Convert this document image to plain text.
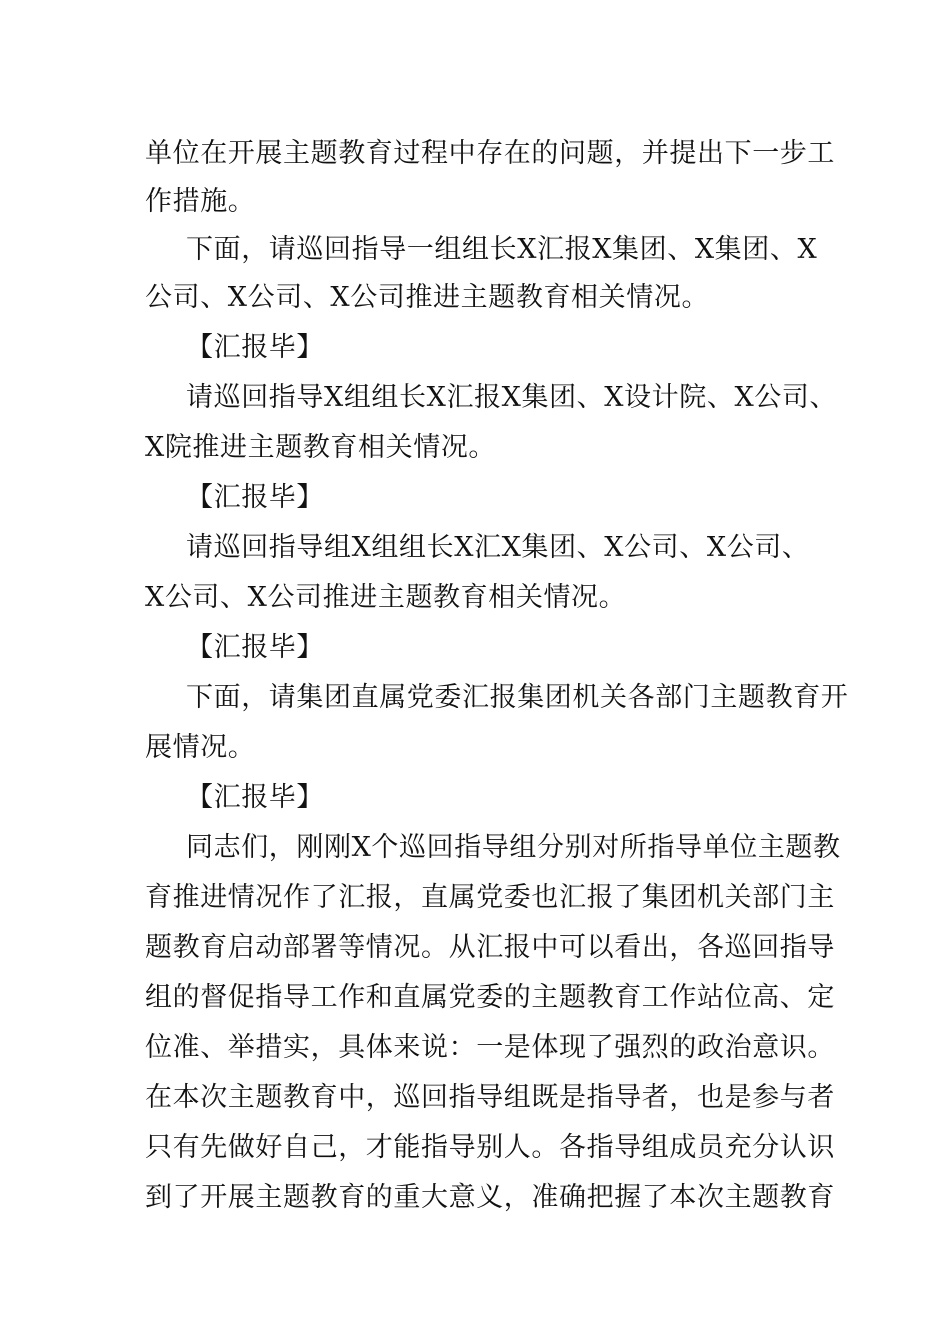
单位在开展主题教育过程中存在的问题，并提出下一步工
作措施。
下面，请巡回指导一组组长X汇报X集团、X集团、X
公司、X公司、X公司推进主题教育相关情况。
【汇报毕】
请巡回指导X组组长X汇报X集团、X设计院、X公司、
X院推进主题教育相关情况。
【汇报毕】
请巡回指导组X组组长X汇X集团、X公司、X公司、
X公司、X公司推进主题教育相关情况。
【汇报毕】
下面，请集团直属党委汇报集团机关各部门主题教育开
展情况。
【汇报毕】
同志们，刚刚X个巡回指导组分别对所指导单位主题教
育推进情况作了汇报，直属党委也汇报了集团机关部门主
题教育启动部署等情况。从汇报中可以看出，各巡回指导
组的督促指导工作和直属党委的主题教育工作站位高、定
位准、举措实，具体来说：一是体现了强烈的政治意识。
在本次主题教育中，巡回指导组既是指导者，也是参与者
只有先做好自己，才能指导别人。各指导组成员充分认识
到了开展主题教育的重大意义，准确把握了本次主题教育
